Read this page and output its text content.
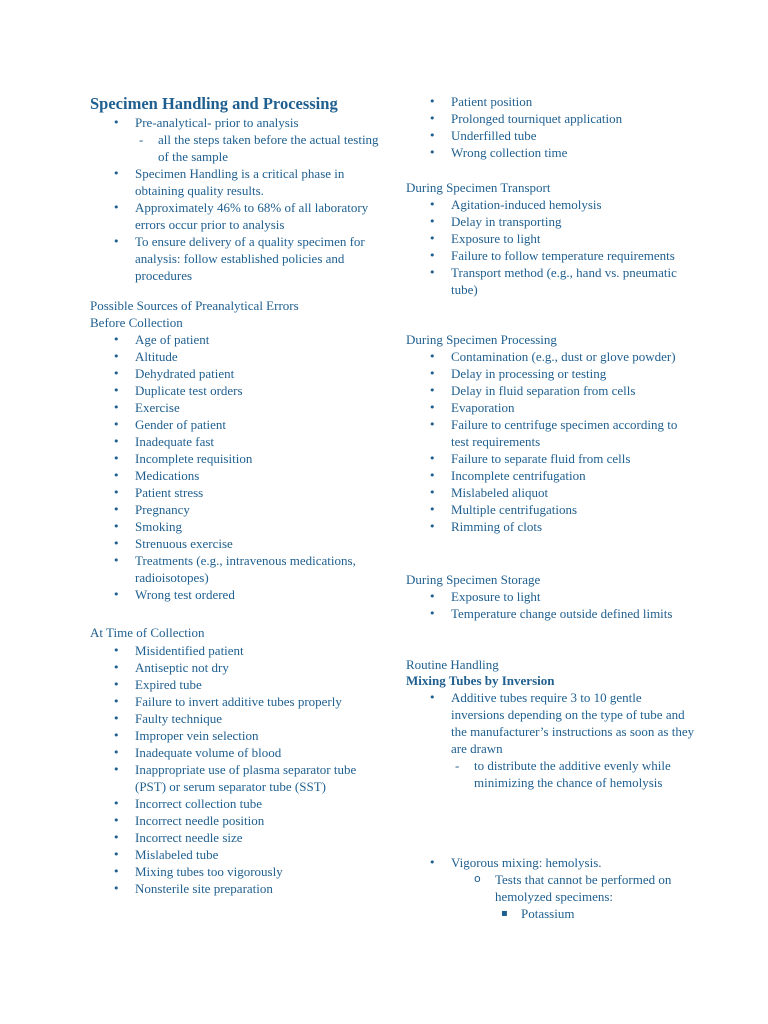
Specimen Handling and Processing
• Pre-analytical- prior to analysis
- all the steps taken before the actual testing of the sample
• Specimen Handling is a critical phase in obtaining quality results.
• Approximately 46% to 68% of all laboratory errors occur prior to analysis
• To ensure delivery of a quality specimen for analysis: follow established policies and procedures
Possible Sources of Preanalytical Errors
Before Collection
• Age of patient
• Altitude
• Dehydrated patient
• Duplicate test orders
• Exercise
• Gender of patient
• Inadequate fast
• Incomplete requisition
• Medications
• Patient stress
• Pregnancy
• Smoking
• Strenuous exercise
• Treatments (e.g., intravenous medications, radioisotopes)
• Wrong test ordered
At Time of Collection
• Misidentified patient
• Antiseptic not dry
• Expired tube
• Failure to invert additive tubes properly
• Faulty technique
• Improper vein selection
• Inadequate volume of blood
• Inappropriate use of plasma separator tube (PST) or serum separator tube (SST)
• Incorrect collection tube
• Incorrect needle position
• Incorrect needle size
• Mislabeled tube
• Mixing tubes too vigorously
• Nonsterile site preparation
• Patient position
• Prolonged tourniquet application
• Underfilled tube
• Wrong collection time
During Specimen Transport
• Agitation-induced hemolysis
• Delay in transporting
• Exposure to light
• Failure to follow temperature requirements
• Transport method (e.g., hand vs. pneumatic tube)
During Specimen Processing
• Contamination (e.g., dust or glove powder)
• Delay in processing or testing
• Delay in fluid separation from cells
• Evaporation
• Failure to centrifuge specimen according to test requirements
• Failure to separate fluid from cells
• Incomplete centrifugation
• Mislabeled aliquot
• Multiple centrifugations
• Rimming of clots
During Specimen Storage
• Exposure to light
• Temperature change outside defined limits
Routine Handling
Mixing Tubes by Inversion
• Additive tubes require 3 to 10 gentle inversions depending on the type of tube and the manufacturer’s instructions as soon as they are drawn
- to distribute the additive evenly while minimizing the chance of hemolysis
• Vigorous mixing: hemolysis.
o Tests that cannot be performed on hemolyzed specimens:
▪ Potassium
